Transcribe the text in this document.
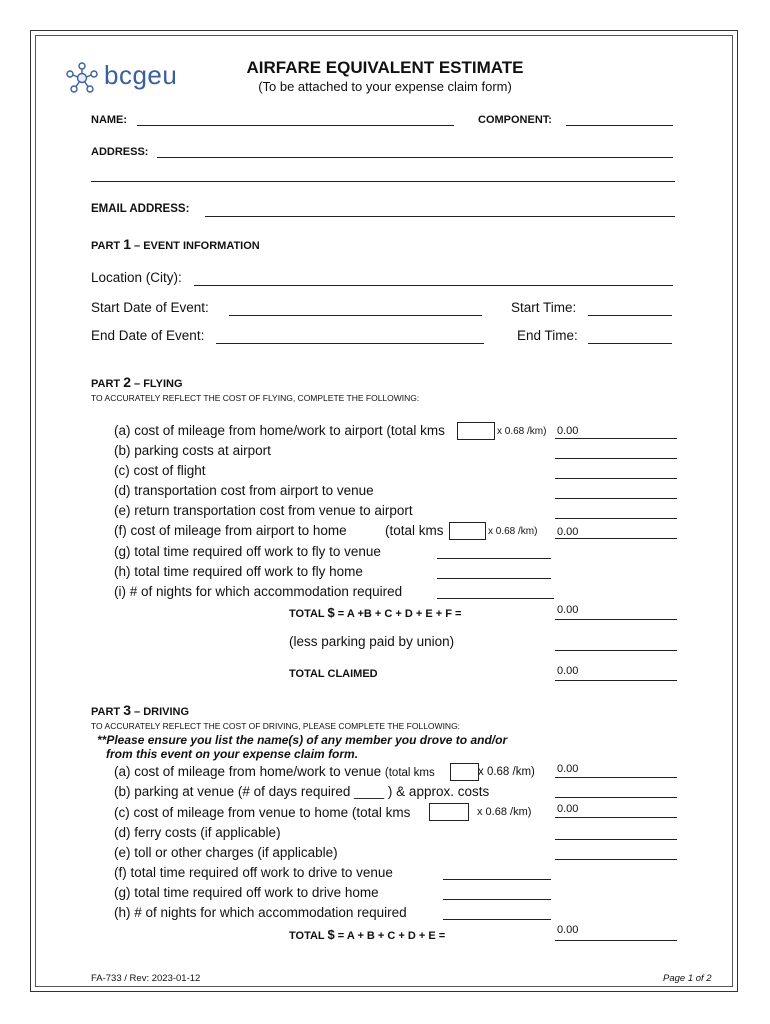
bcgeu	AIRFARE EQUIVALENT ESTIMATE
(To be attached to your expense claim form)
NAME:	COMPONENT:
ADDRESS:
EMAIL ADDRESS:
PART 1 – EVENT INFORMATION
Location (City):
Start Date of Event:	Start Time:
End Date of Event:	End Time:
PART 2 – FLYING
TO ACCURATELY REFLECT THE COST OF FLYING, COMPLETE THE FOLLOWING:
(a) cost of mileage from home/work to airport (total kms	x 0.68 /km) 0.00
(b) parking costs at airport
(c) cost of flight
(d) transportation cost from airport to venue
(e) return transportation cost from venue to airport
(f) cost of mileage from airport to home	(total kms	x 0.68 /km) 0.00
(g) total time required off work to fly to venue
(h) total time required off work to fly home
(i) # of nights for which accommodation required
TOTAL $ = A +B + C + D + E + F =	0.00
(less parking paid by union)
TOTAL CLAIMED	0.00
PART 3 – DRIVING
TO ACCURATELY REFLECT THE COST OF DRIVING, PLEASE COMPLETE THE FOLLOWING:
**Please ensure you list the name(s) of any member you drove to and/or
from this event on your expense claim form.
(a) cost of mileage from home/work to venue (total kms	x 0.68 /km) 0.00
(b) parking at venue (# of days required ____ ) & approx. costs
(c) cost of mileage from venue to home (total kms	x 0.68 /km) 0.00
(d) ferry costs (if applicable)
(e) toll or other charges (if applicable)
(f) total time required off work to drive to venue
(g) total time required off work to drive home
(h) # of nights for which accommodation required
TOTAL $ = A + B + C + D + E =	0.00
FA-733 / Rev: 2023-01-12	Page 1 of 2
